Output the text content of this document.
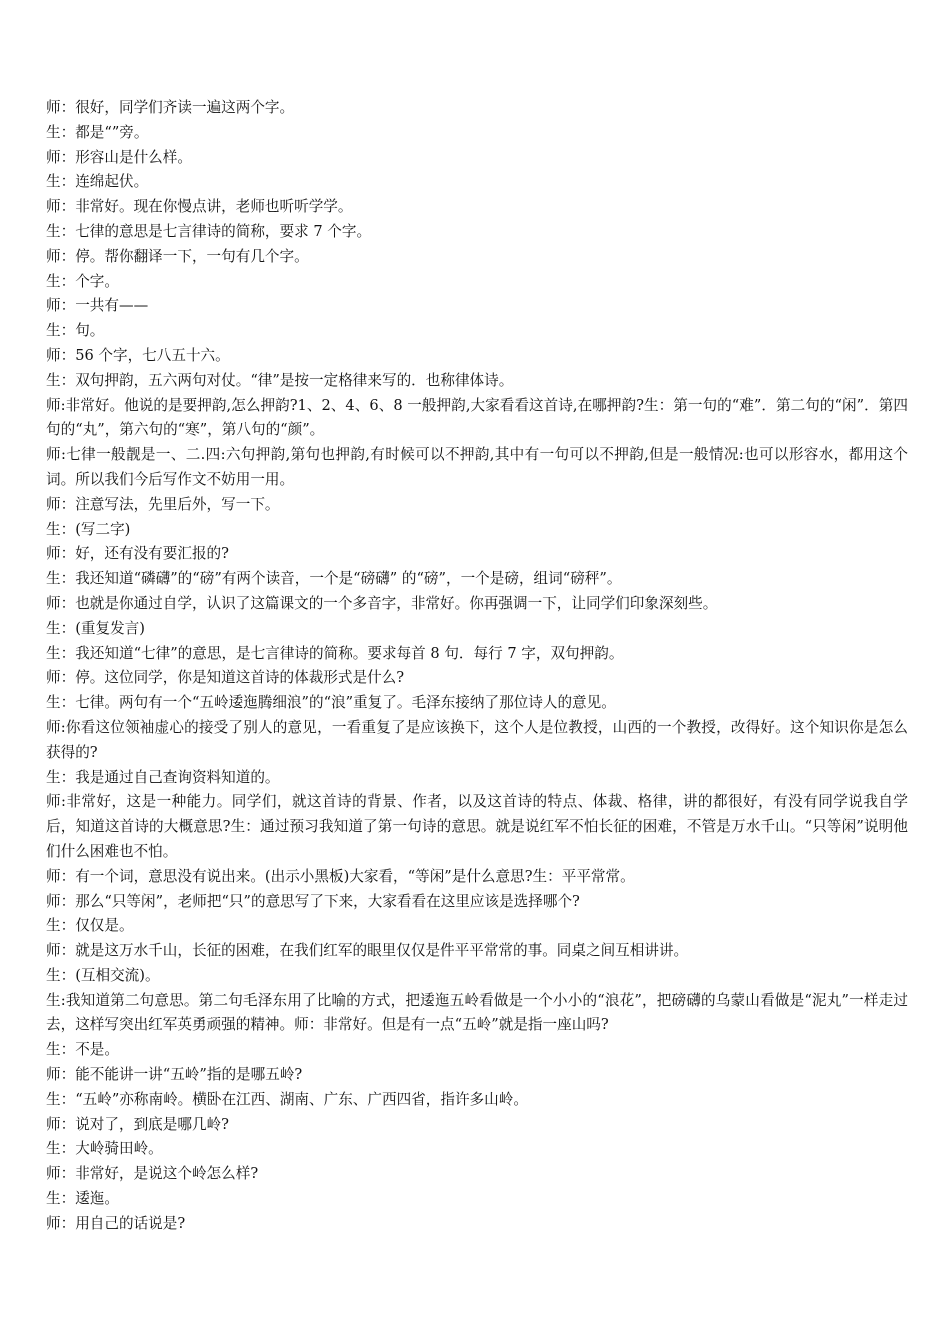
师：很好，同学们齐读一遍这两个字。
生：都是“”旁。
师：形容山是什么样。
生：连绵起伏。
师：非常好。现在你慢点讲，老师也听听学学。
生：七律的意思是七言律诗的简称，要求 7 个字。
师：停。帮你翻译一下，一句有几个字。
生：个字。
师：一共有——
生：句。
师：56 个字，七八五十六。
生：双句押韵，五六两句对仗。“律”是按一定格律来写的．也称律体诗。
师:非常好。他说的是要押韵,怎么押韵?1、2、4、6、8 一般押韵,大家看看这首诗,在哪押韵?生：第一句的“难”．第二句的“闲”．第四句的“丸”，第六句的“寒”，第八句的“颜”。
师:七律一般靓是一、二.四:六句押韵,第句也押韵,有时候可以不押韵,其中有一句可以不押韵,但是一般情况:也可以形容水，都用这个词。所以我们今后写作文不妨用一用。
师：注意写法，先里后外，写一下。
生：(写二字)
师：好，还有没有要汇报的?
生：我还知道“磷礴”的“磅”有两个读音，一个是“磅礴” 的“磅”，一个是磅，组词“磅秤”。
师：也就是你通过自学，认识了这篇课文的一个多音字，非常好。你再强调一下，让同学们印象深刻些。
生：(重复发言)
生：我还知道“七律”的意思，是七言律诗的简称。要求每首 8 句．每行 7 字，双句押韵。
师：停。这位同学，你是知道这首诗的体裁形式是什么?
生：七律。两句有一个“五岭逶迤腾细浪”的“浪”重复了。毛泽东接纳了那位诗人的意见。
师:你看这位领袖虚心的接受了别人的意见，一看重复了是应该换下，这个人是位教授，山西的一个教授，改得好。这个知识你是怎么获得的?
生：我是通过自己查询资料知道的。
师:非常好，这是一种能力。同学们，就这首诗的背景、作者，以及这首诗的特点、体裁、格律，讲的都很好，有没有同学说我自学后，知道这首诗的大概意思?生：通过预习我知道了第一句诗的意思。就是说红军不怕长征的困难，不管是万水千山。“只等闲”说明他们什么困难也不怕。
师：有一个词，意思没有说出来。(出示小黑板)大家看，“等闲”是什么意思?生：平平常常。
师：那么“只等闲”，老师把“只”的意思写了下来，大家看看在这里应该是选择哪个?
生：仅仅是。
师：就是这万水千山，长征的困难，在我们红军的眼里仅仅是件平平常常的事。同桌之间互相讲讲。
生：(互相交流)。
生:我知道第二句意思。第二句毛泽东用了比喻的方式，把逶迤五岭看做是一个小小的“浪花”，把磅礴的乌蒙山看做是“泥丸”一样走过去，这样写突出红军英勇顽强的精神。师：非常好。但是有一点“五岭”就是指一座山吗?
生：不是。
师：能不能讲一讲“五岭”指的是哪五岭?
生：“五岭”亦称南岭。横卧在江西、湖南、广东、广西四省，指许多山岭。
师：说对了，到底是哪几岭?
生：大岭骑田岭。
师：非常好，是说这个岭怎么样?
生：逶迤。
师：用自己的话说是?
